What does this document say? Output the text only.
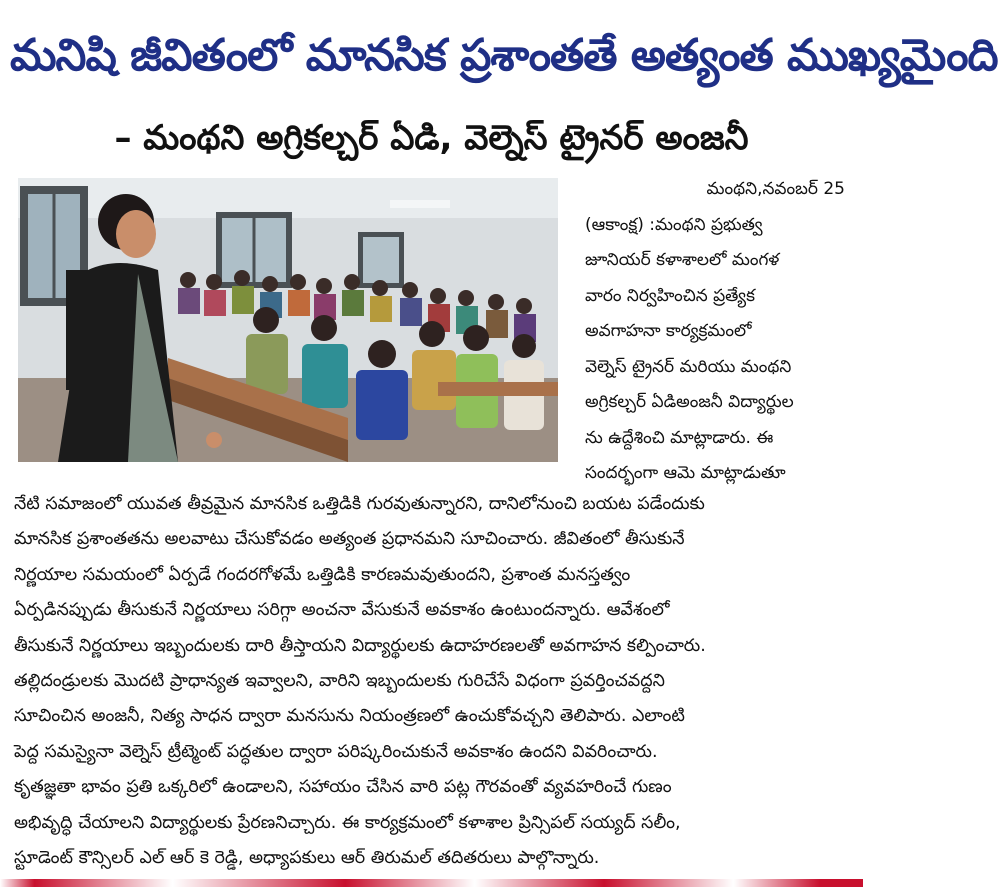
మనిషి జీవితంలో మానసిక ప్రశాంతతే అత్యంత ముఖ్యమైంది
– మంథని అగ్రికల్చర్ ఏడి, వెల్నెస్ ట్రైనర్ అంజనీ
మంథని,నవంబర్ 25
(ఆకాంక్ష) :మంథని ప్రభుత్వ
జూనియర్ కళాశాలలో మంగళ
వారం నిర్వహించిన ప్రత్యేక
అవగాహనా కార్యక్రమంలో
వెల్నెస్ ట్రైనర్ మరియు మంథని
అగ్రికల్చర్ ఏడిఅంజనీ విద్యార్థుల
ను ఉద్దేశించి మాట్లాడారు. ఈ
సందర్భంగా ఆమె మాట్లాడుతూ
నేటి సమాజంలో యువత తీవ్రమైన మానసిక ఒత్తిడికి గురవుతున్నారని, దానిలోనుంచి బయట పడేందుకు
మానసిక ప్రశాంతతను అలవాటు చేసుకోవడం అత్యంత ప్రధానమని సూచించారు. జీవితంలో తీసుకునే
నిర్ణయాల సమయంలో ఏర్పడే గందరగోళమే ఒత్తిడికి కారణమవుతుందని, ప్రశాంత మనస్తత్వం
ఏర్పడినప్పుడు తీసుకునే నిర్ణయాలు సరిగ్గా అంచనా వేసుకునే అవకాశం ఉంటుందన్నారు. ఆవేశంలో
తీసుకునే నిర్ణయాలు ఇబ్బందులకు దారి తీస్తాయని విద్యార్థులకు ఉదాహరణలతో అవగాహన కల్పించారు.
తల్లిదండ్రులకు మొదటి ప్రాధాన్యత ఇవ్వాలని, వారిని ఇబ్బందులకు గురిచేసే విధంగా ప్రవర్తించవద్దని
సూచించిన అంజనీ, నిత్య సాధన ద్వారా మనసును నియంత్రణలో ఉంచుకోవచ్చని తెలిపారు. ఎలాంటి
పెద్ద సమస్యైనా వెల్నెస్ ట్రీట్మెంట్ పద్ధతుల ద్వారా పరిష్కరించుకునే అవకాశం ఉందని వివరించారు.
కృతజ్ఞతా భావం ప్రతి ఒక్కరిలో ఉండాలని, సహాయం చేసిన వారి పట్ల గౌరవంతో వ్యవహరించే గుణం
అభివృద్ధి చేయాలని విద్యార్థులకు ప్రేరణనిచ్చారు. ఈ కార్యక్రమంలో కళాశాల ప్రిన్సిపల్ సయ్యద్ సలీం,
స్టూడెంట్ కౌన్సిలర్ ఎల్ ఆర్ కె రెడ్డి, అధ్యాపకులు ఆర్ తిరుమల్ తదితరులు పాల్గొన్నారు.
